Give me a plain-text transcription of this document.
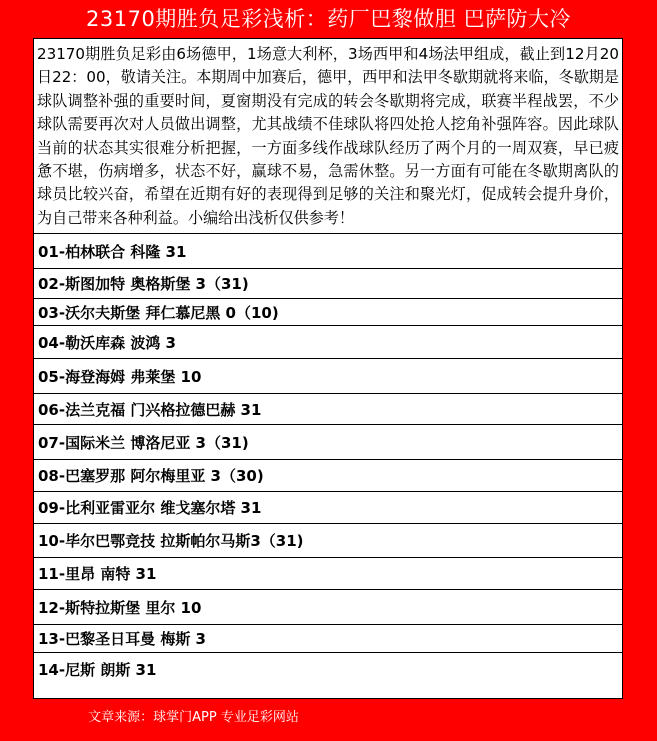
23170期胜负足彩浅析：药厂巴黎做胆 巴萨防大冷
23170期胜负足彩由6场德甲，1场意大利杯，3场西甲和4场法甲组成，截止到12月20日22：00，敬请关注。本期周中加赛后，德甲，西甲和法甲冬歇期就将来临，冬歇期是球队调整补强的重要时间，夏窗期没有完成的转会冬歇期将完成，联赛半程战罢，不少球队需要再次对人员做出调整，尤其战绩不佳球队将四处抢人挖角补强阵容。因此球队当前的状态其实很难分析把握，一方面多线作战球队经历了两个月的一周双赛，早已疲惫不堪，伤病增多，状态不好，赢球不易，急需休整。另一方面有可能在冬歇期离队的球员比较兴奋，希望在近期有好的表现得到足够的关注和聚光灯，促成转会提升身价，为自己带来各种利益。小编给出浅析仅供参考！
01-柏林联合 科隆 31
02-斯图加特 奥格斯堡 3（31)
03-沃尔夫斯堡 拜仁慕尼黑 0（10)
04-勒沃库森 波鸿 3
05-海登海姆 弗莱堡 10
06-法兰克福 门兴格拉德巴赫 31
07-国际米兰 博洛尼亚 3（31)
08-巴塞罗那 阿尔梅里亚 3（30)
09-比利亚雷亚尔 维戈塞尔塔 31
10-毕尔巴鄂竞技 拉斯帕尔马斯3（31)
11-里昂 南特 31
12-斯特拉斯堡 里尔 10
13-巴黎圣日耳曼 梅斯 3
14-尼斯 朗斯 31
文章来源：球掌门APP 专业足彩网站
